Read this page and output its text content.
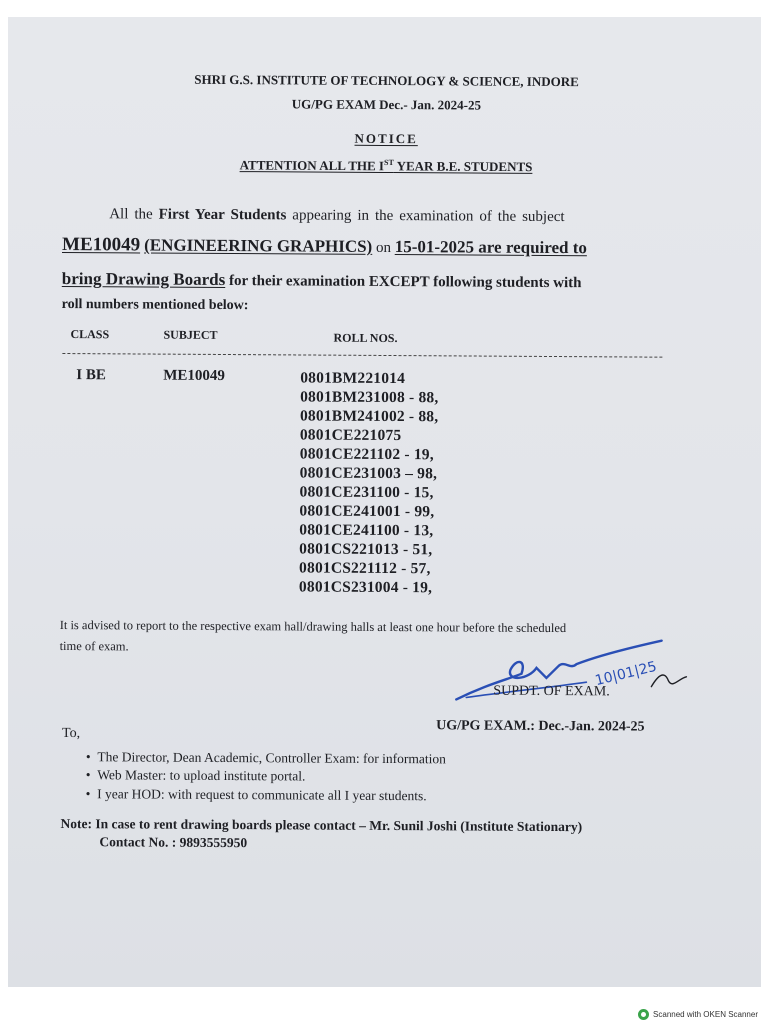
SHRI G.S. INSTITUTE OF TECHNOLOGY & SCIENCE, INDORE
UG/PG EXAM Dec.- Jan. 2024-25
NOTICE
ATTENTION ALL THE IST YEAR B.E. STUDENTS
All the First Year Students appearing in the examination of the subject
ME10049 (ENGINEERING GRAPHICS) on 15-01-2025 are required to
bring Drawing Boards for their examination EXCEPT following students with
roll numbers mentioned below:
CLASS	SUBJECT	ROLL NOS.
I BE	ME10049	0801BM221014
0801BM231008 - 88,
0801BM241002 - 88,
0801CE221075
0801CE221102 - 19,
0801CE231003 – 98,
0801CE231100 - 15,
0801CE241001 - 99,
0801CE241100 - 13,
0801CS221013 - 51,
0801CS221112 - 57,
0801CS231004 - 19,
It is advised to report to the respective exam hall/drawing halls at least one hour before the scheduled
time of exam.
10|01|25
SUPDT. OF EXAM.
UG/PG EXAM.: Dec.-Jan. 2024-25
To,
•  The Director, Dean Academic, Controller Exam: for information
•  Web Master: to upload institute portal.
•  I year HOD: with request to communicate all I year students.
Note: In case to rent drawing boards please contact – Mr. Sunil Joshi (Institute Stationary)
Contact No. : 9893555950
Scanned with OKEN Scanner
